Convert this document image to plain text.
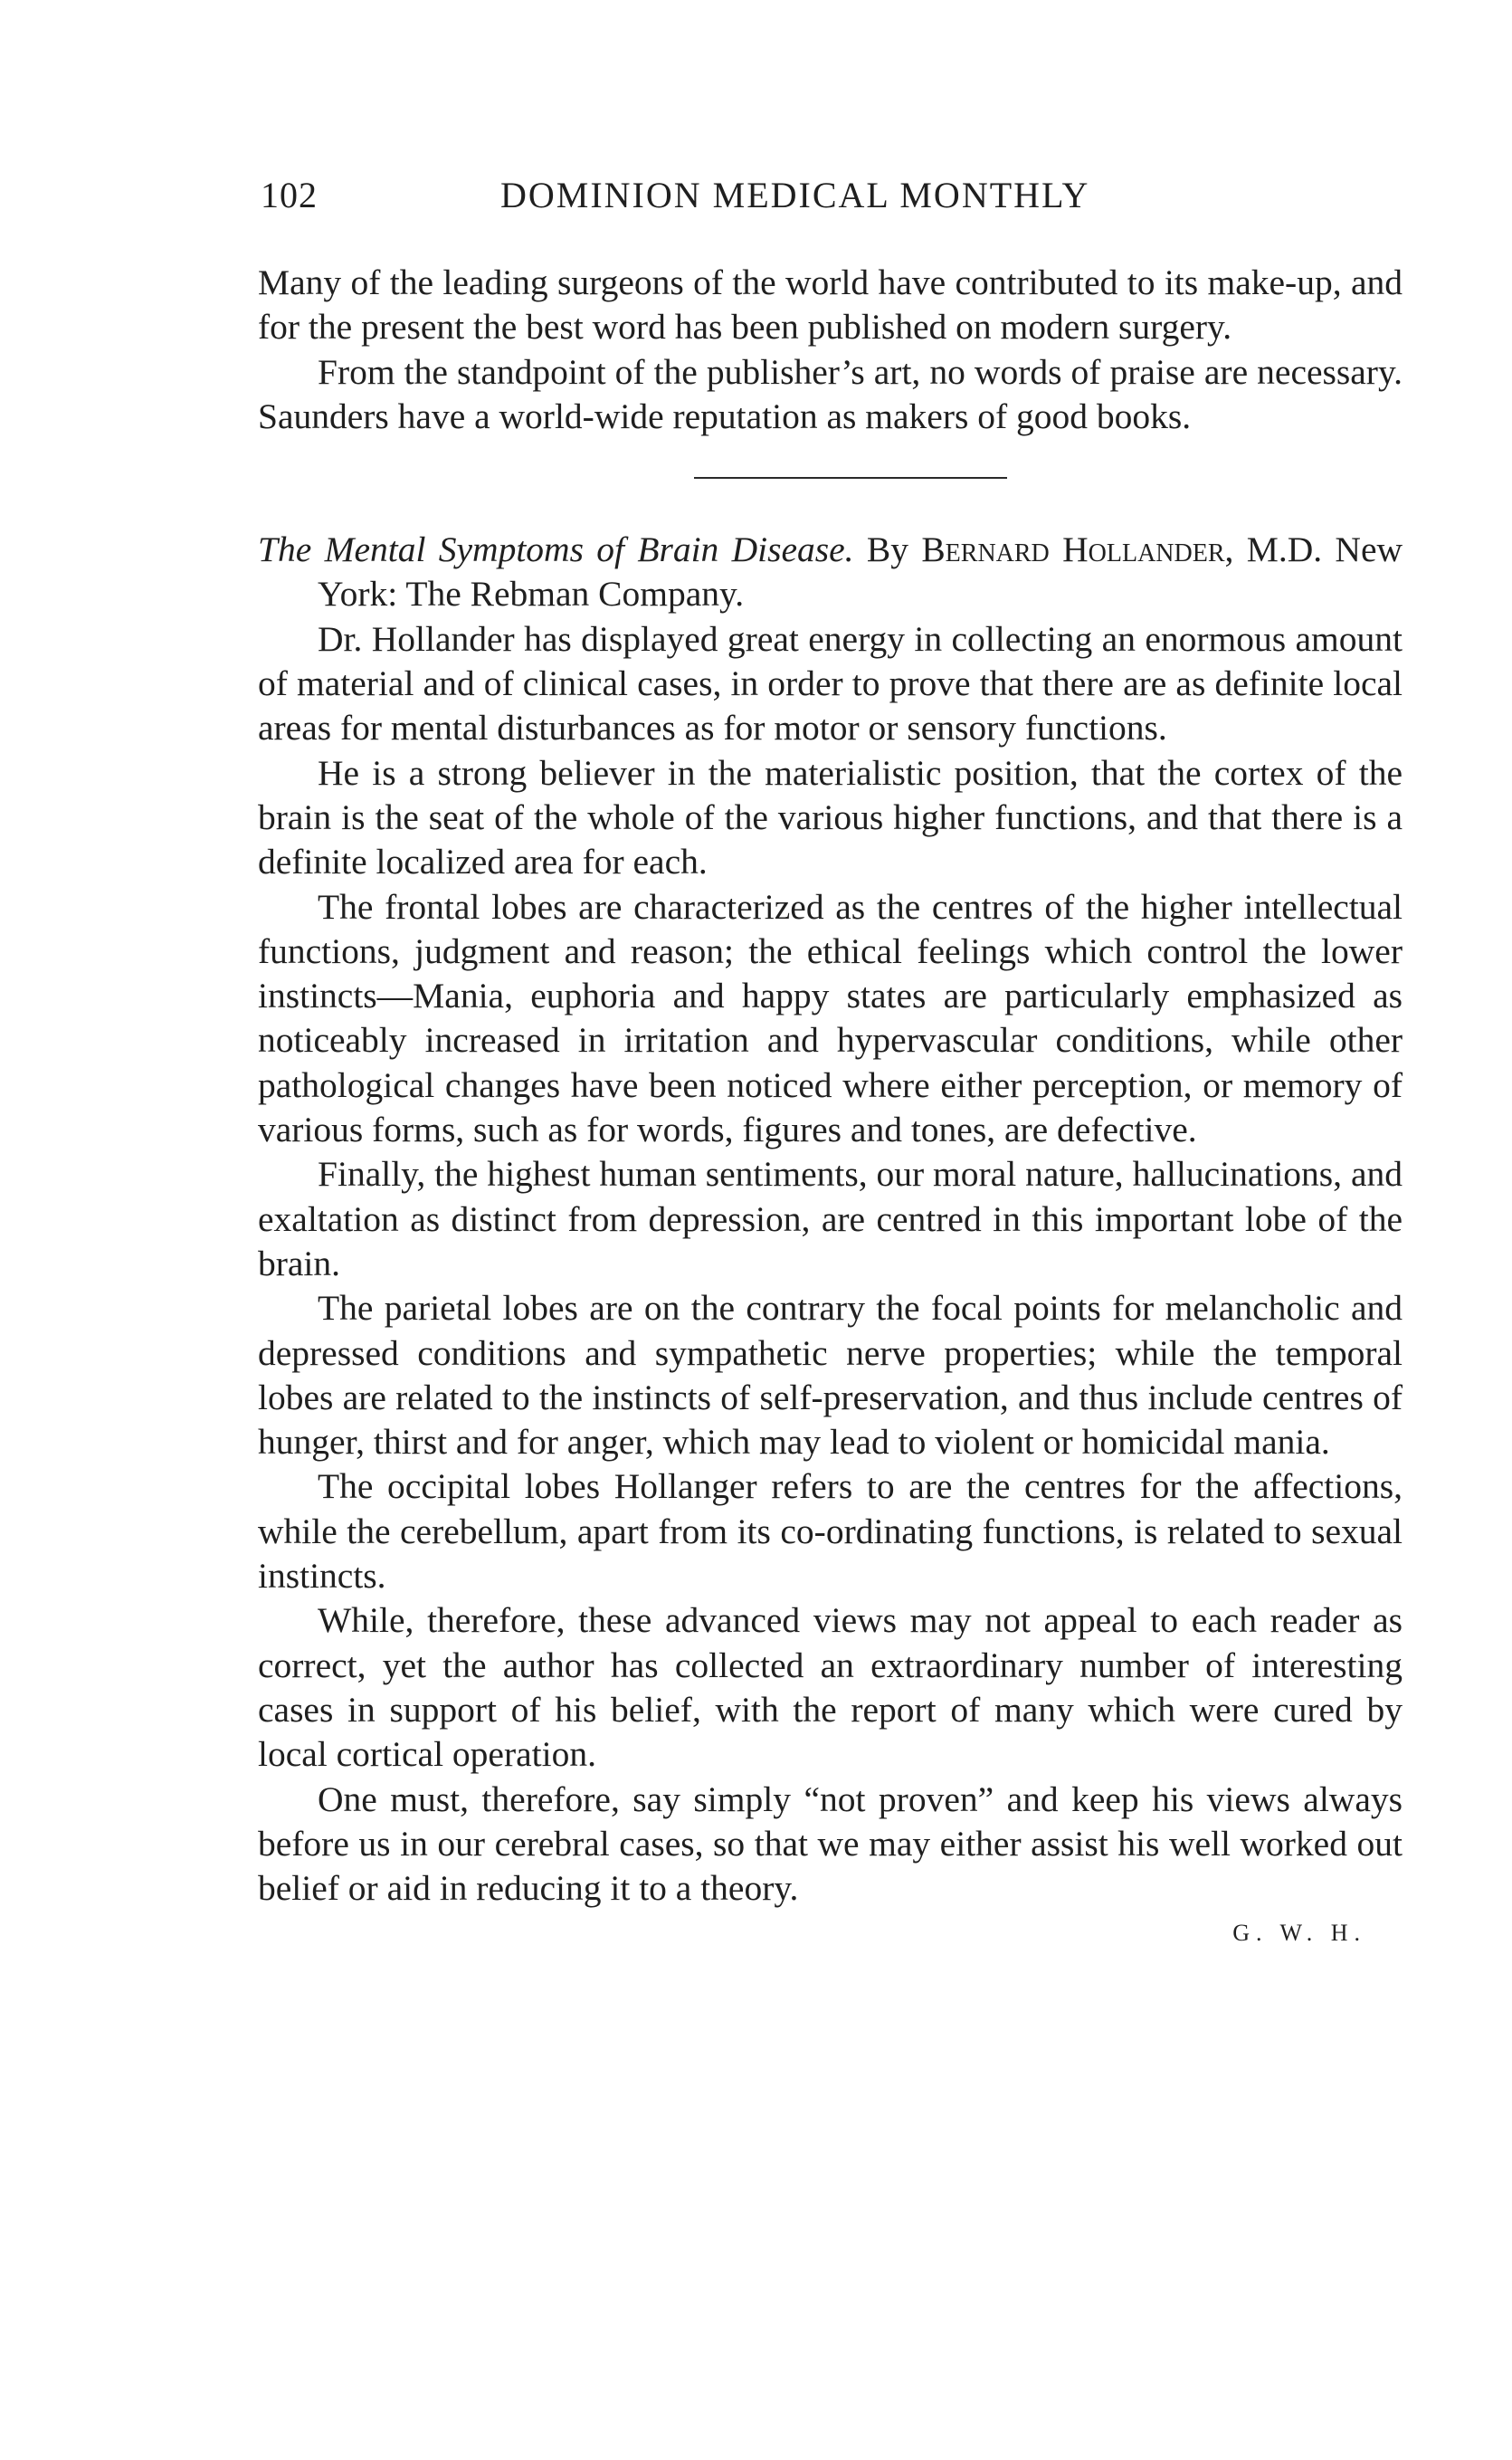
102	DOMINION MEDICAL MONTHLY

Many of the leading surgeons of the world have contributed to its make-up, and for the present the best word has been published on modern surgery.

From the standpoint of the publisher’s art, no words of praise are necessary. Saunders have a world-wide reputation as makers of good books.

The Mental Symptoms of Brain Disease. By Bernard Hollander, M.D. New York: The Rebman Company.

Dr. Hollander has displayed great energy in collecting an enormous amount of material and of clinical cases, in order to prove that there are as definite local areas for mental disturbances as for motor or sensory functions.

He is a strong believer in the materialistic position, that the cortex of the brain is the seat of the whole of the various higher functions, and that there is a definite localized area for each.

The frontal lobes are characterized as the centres of the higher intellectual functions, judgment and reason; the ethical feelings which control the lower instincts—Mania, euphoria and happy states are particularly emphasized as noticeably increased in irritation and hypervascular conditions, while other pathological changes have been noticed where either perception, or memory of various forms, such as for words, figures and tones, are defective.

Finally, the highest human sentiments, our moral nature, hallucinations, and exaltation as distinct from depression, are centred in this important lobe of the brain.

The parietal lobes are on the contrary the focal points for melancholic and depressed conditions and sympathetic nerve properties; while the temporal lobes are related to the instincts of self-preservation, and thus include centres of hunger, thirst and for anger, which may lead to violent or homicidal mania.

The occipital lobes Hollanger refers to are the centres for the affections, while the cerebellum, apart from its co-ordinating functions, is related to sexual instincts.

While, therefore, these advanced views may not appeal to each reader as correct, yet the author has collected an extraordinary number of interesting cases in support of his belief, with the report of many which were cured by local cortical operation.

One must, therefore, say simply “not proven” and keep his views always before us in our cerebral cases, so that we may either assist his well worked out belief or aid in reducing it to a theory.

G. W. H.
